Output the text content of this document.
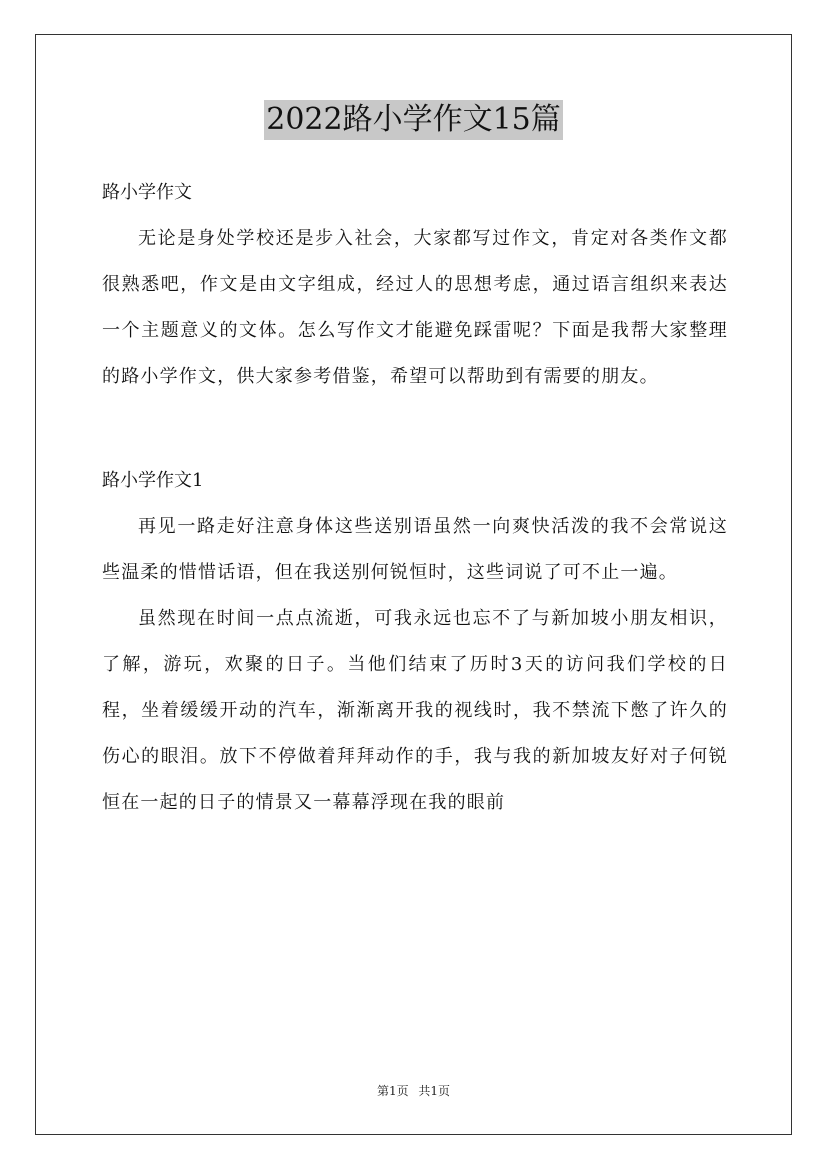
2022路小学作文15篇

路小学作文

无论是身处学校还是步入社会，大家都写过作文，肯定对各类作文都很熟悉吧，作文是由文字组成，经过人的思想考虑，通过语言组织来表达一个主题意义的文体。怎么写作文才能避免踩雷呢？下面是我帮大家整理的路小学作文，供大家参考借鉴，希望可以帮助到有需要的朋友。

路小学作文1

再见一路走好注意身体这些送别语虽然一向爽快活泼的我不会常说这些温柔的惜惜话语，但在我送别何锐恒时，这些词说了可不止一遍。

虽然现在时间一点点流逝，可我永远也忘不了与新加坡小朋友相识，了解，游玩，欢聚的日子。当他们结束了历时3天的访问我们学校的日程，坐着缓缓开动的汽车，渐渐离开我的视线时，我不禁流下憋了许久的伤心的眼泪。放下不停做着拜拜动作的手，我与我的新加坡友好对子何锐恒在一起的日子的情景又一幕幕浮现在我的眼前

第1页 共1页
